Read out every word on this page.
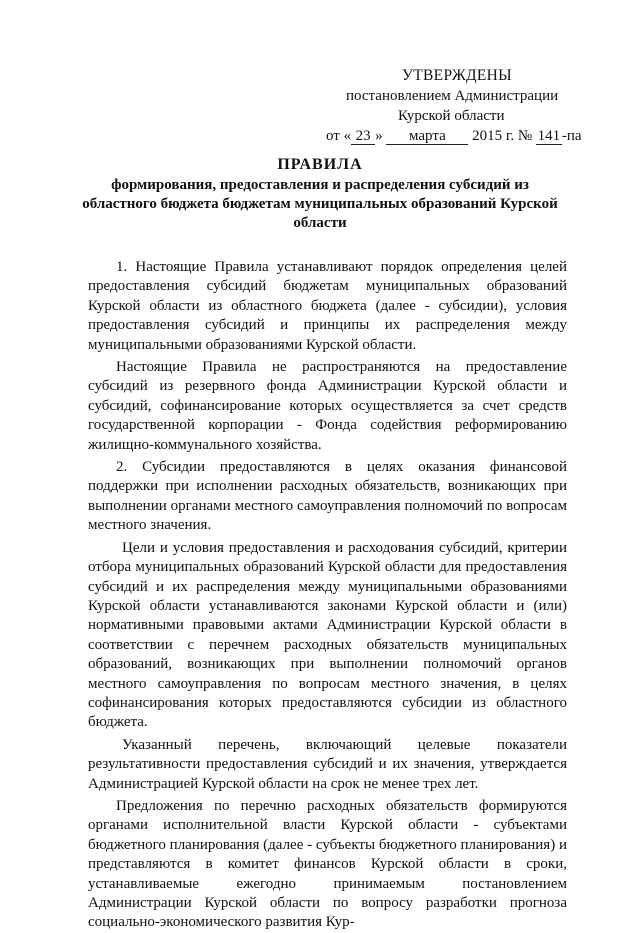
УТВЕРЖДЕНЫ
постановлением Администрации
Курской области
от « 23 » марта 2015 г. № 141 -па
ПРАВИЛА
формирования, предоставления и распределения субсидий из областного бюджета бюджетам муниципальных образований Курской области

1. Настоящие Правила устанавливают порядок определения целей предоставления субсидий бюджетам муниципальных образований Курской области из областного бюджета (далее - субсидии), условия предоставления субсидий и принципы их распределения между муниципальными образованиями Курской области.

Настоящие Правила не распространяются на предоставление субсидий из резервного фонда Администрации Курской области и субсидий, софинансирование которых осуществляется за счет средств государственной корпорации - Фонда содействия реформированию жилищно-коммунального хозяйства.

2. Субсидии предоставляются в целях оказания финансовой поддержки при исполнении расходных обязательств, возникающих при выполнении органами местного самоуправления полномочий по вопросам местного значения.

Цели и условия предоставления и расходования субсидий, критерии отбора муниципальных образований Курской области для предоставления субсидий и их распределения между муниципальными образованиями Курской области устанавливаются законами Курской области и (или) нормативными правовыми актами Администрации Курской области в соответствии с перечнем расходных обязательств муниципальных образований, возникающих при выполнении полномочий органов местного самоуправления по вопросам местного значения, в целях софинансирования которых предоставляются субсидии из областного бюджета.

Указанный перечень, включающий целевые показатели результативности предоставления субсидий и их значения, утверждается Администрацией Курской области на срок не менее трех лет.

Предложения по перечню расходных обязательств формируются органами исполнительной власти Курской области - субъектами бюджетного планирования (далее - субъекты бюджетного планирования) и представляются в комитет финансов Курской области в сроки, устанавливаемые ежегодно принимаемым постановлением Администрации Курской области по вопросу разработки прогноза социально-экономического развития Кур-
